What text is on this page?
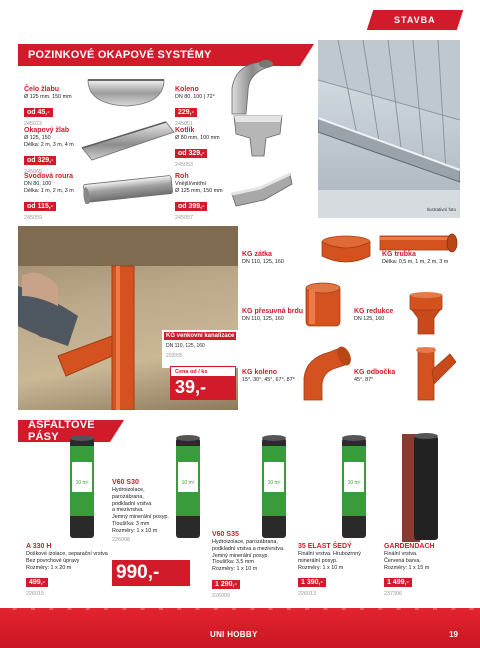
STAVBA
POZINKOVÉ OKAPOVÉ SYSTÉMY
Čelo žlabu
Ø 125 mm, 150 mm
od 45,-
245023
Okapový žlab
Ø 125, 150
Délka: 2 m, 3 m, 4 m
od 329,-
245065
Svodová roura
DN 80, 100
Délka: 1 m, 2 m, 3 m
od 115,-
245059
Koleno
DN 80, 100 | 72°
229,-
245051
Kotlík
Ø 80 mm, 100 mm
od 329,-
245053
Roh
Vnější/vnitřní
Ø 125 mm, 150 mm
od 399,-
245057
Ilustrativní foto
KG venkovní kanalizace
DN 110, 125, 160
203095
Cena od / ks
39,-
KG zátka
DN 110, 125, 160
KG trubka
Délka: 0,5 m, 1 m, 2 m, 3 m
KG přesuvná brdu
DN 110, 125, 160
KG redukce
DN 125, 160
KG koleno
15°, 30°, 45°, 67°, 87°
KG odbočka
45°, 87°
ASFALTOVÉ PÁSY
10 m²	10 m²	10 m²	10 m²
A 330 H
Doškové izolace, separační vrstva
Bez povrchové úpravy
Rozměry: 1 x 20 m
499,-
226015
V60 S30
Hydroizolace,
parozábrana,
podkladní vrstva
a mezivrstva.
Jemný minerální posyp.
Tloušťka: 3 mm
Rozměry: 1 x 10 m
226008
990,-
V60 S35
Hydroizolace, parozábrana,
podkladní vrstva a mezivrstva.
Jemný minerální posyp.
Tloušťka: 3,5 mm
Rozměry: 1 x 10 m
1 290,-
226009
35 ELAST ŠEDÝ
Finální vrstva. Hrubozrnný
minerální posyp.
Rozměry: 1 x 10 m
1 390,-
226013
GARDENDACH
Finální vrstva.
Červená barva.
Rozměry: 1 x 15 m
1 499,-
237306
UNI HOBBY	19
